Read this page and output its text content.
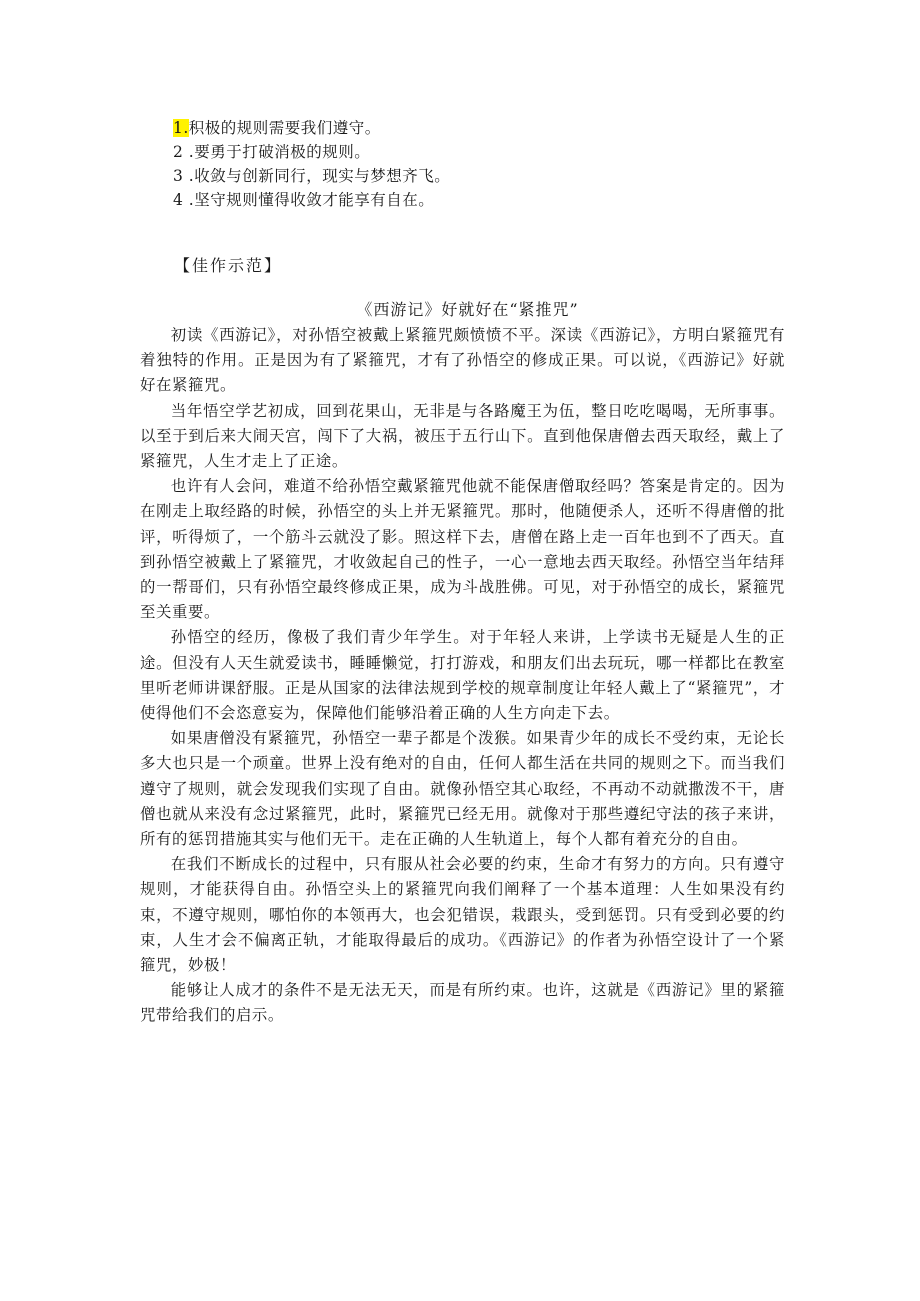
1.积极的规则需要我们遵守。
2 .要勇于打破消极的规则。
3 .收敛与创新同行，现实与梦想齐飞。
4 .坚守规则懂得收敛才能享有自在。
【佳作示范】
《西游记》好就好在“紧推咒”

初读《西游记》，对孙悟空被戴上紧箍咒颇愤愤不平。深读《西游记》，方明白紧箍咒有着独特的作用。正是因为有了紧箍咒，才有了孙悟空的修成正果。可以说，《西游记》好就好在紧箍咒。

当年悟空学艺初成，回到花果山，无非是与各路魔王为伍，整日吃吃喝喝，无所事事。以至于到后来大闹天宫，闯下了大祸，被压于五行山下。直到他保唐僧去西天取经，戴上了紧箍咒，人生才走上了正途。

也许有人会问，难道不给孙悟空戴紧箍咒他就不能保唐僧取经吗？答案是肯定的。因为在刚走上取经路的时候，孙悟空的头上并无紧箍咒。那时，他随便杀人，还听不得唐僧的批评，听得烦了，一个筋斗云就没了影。照这样下去，唐僧在路上走一百年也到不了西天。直到孙悟空被戴上了紧箍咒，才收敛起自己的性子，一心一意地去西天取经。孙悟空当年结拜的一帮哥们，只有孙悟空最终修成正果，成为斗战胜佛。可见，对于孙悟空的成长，紧箍咒至关重要。

孙悟空的经历，像极了我们青少年学生。对于年轻人来讲，上学读书无疑是人生的正途。但没有人天生就爱读书，睡睡懒觉，打打游戏，和朋友们出去玩玩，哪一样都比在教室里听老师讲课舒服。正是从国家的法律法规到学校的规章制度让年轻人戴上了“紧箍咒”，才使得他们不会恣意妄为，保障他们能够沿着正确的人生方向走下去。

如果唐僧没有紧箍咒，孙悟空一辈子都是个泼猴。如果青少年的成长不受约束，无论长多大也只是一个顽童。世界上没有绝对的自由，任何人都生活在共同的规则之下。而当我们遵守了规则，就会发现我们实现了自由。就像孙悟空其心取经，不再动不动就撒泼不干，唐僧也就从来没有念过紧箍咒，此时，紧箍咒已经无用。就像对于那些遵纪守法的孩子来讲，所有的惩罚措施其实与他们无干。走在正确的人生轨道上，每个人都有着充分的自由。

在我们不断成长的过程中，只有服从社会必要的约束，生命才有努力的方向。只有遵守规则，才能获得自由。孙悟空头上的紧箍咒向我们阐释了一个基本道理：人生如果没有约束，不遵守规则，哪怕你的本领再大，也会犯错误，栽跟头，受到惩罚。只有受到必要的约束，人生才会不偏离正轨，才能取得最后的成功。《西游记》的作者为孙悟空设计了一个紧箍咒，妙极！

能够让人成才的条件不是无法无天，而是有所约束。也许，这就是《西游记》里的紧箍咒带给我们的启示。
